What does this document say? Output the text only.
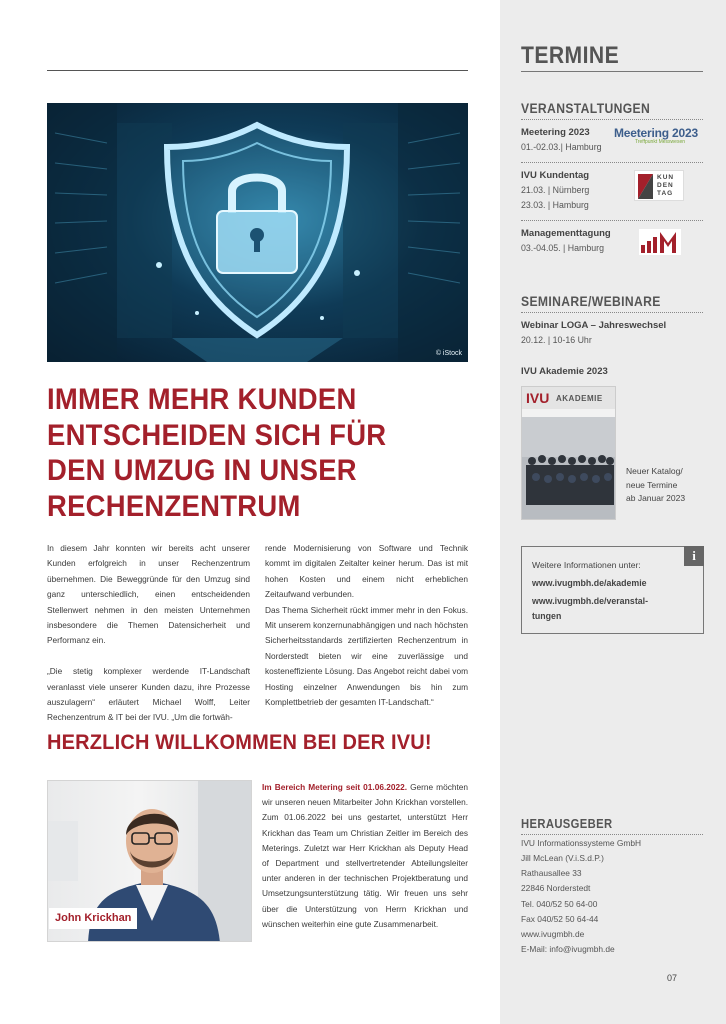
© iStock
IMMER MEHR KUNDEN
ENTSCHEIDEN SICH FÜR
DEN UMZUG IN UNSER
RECHENZENTRUM

In diesem Jahr konnten wir bereits acht unserer Kunden erfolgreich in unser Rechenzentrum übernehmen. Die Beweggründe für den Umzug sind ganz unterschiedlich, einen entscheidenden Stellenwert nehmen in den meisten Unternehmen insbesondere die Themen Datensicherheit und Performanz ein.

„Die stetig komplexer werdende IT-Landschaft veranlasst viele unserer Kunden dazu, ihre Prozesse auszulagern“ erläutert Michael Wolff, Leiter Rechenzentrum & IT bei der IVU. „Um die fortwäh-

rende Modernisierung von Software und Technik kommt im digitalen Zeitalter keiner herum. Das ist mit hohen Kosten und einem nicht erheblichen Zeitaufwand verbunden.

Das Thema Sicherheit rückt immer mehr in den Fokus. Mit unserem konzernunabhängigen und nach höchsten Sicherheitsstandards zertifizierten Rechenzentrum in Norderstedt bieten wir eine zuverlässige und kosteneffiziente Lösung. Das Angebot reicht dabei vom Hosting einzelner Anwendungen bis hin zum Komplettbetrieb der gesamten IT-Landschaft.“

HERZLICH WILLKOMMEN BEI DER IVU!
John Krickhan
Im Bereich Metering seit 01.06.2022. Gerne möchten wir unseren neuen Mitarbeiter John Krickhan vorstellen. Zum 01.06.2022 bei uns gestartet, unterstützt Herr Krickhan das Team um Christian Zeitler im Bereich des Meterings. Zuletzt war Herr Krickhan als Deputy Head of Department und stellvertretender Abteilungsleiter unter anderen in der technischen Projektberatung und Umsetzungsunterstützung tätig. Wir freuen uns sehr über die Unterstützung von Herrn Krickhan und wünschen weiterhin eine gute Zusammenarbeit.
TERMINE
VERANSTALTUNGEN
Meetering 2023
01.-02.03.| Hamburg
Meetering 2023
Treffpunkt Messwesen
IVU Kundentag
21.03. | Nürnberg
23.03. | Hamburg
KUN
DEN
TAG
Managementtagung
03.-04.05. | Hamburg
SEMINARE/WEBINARE
Webinar LOGA – Jahreswechsel
20.12. | 10-16 Uhr
IVU Akademie 2023
IVU AKADEMIE
Neuer Katalog/
neue Termine
ab Januar 2023
i
Weitere Informationen unter:
www.ivugmbh.de/akademie
www.ivugmbh.de/veranstal-
tungen
HERAUSGEBER
IVU Informationssysteme GmbH
Jill McLean (V.i.S.d.P.)
Rathausallee 33
22846 Norderstedt
Tel. 040/52 50 64-00
Fax 040/52 50 64-44
www.ivugmbh.de
E-Mail: info@ivugmbh.de
07
